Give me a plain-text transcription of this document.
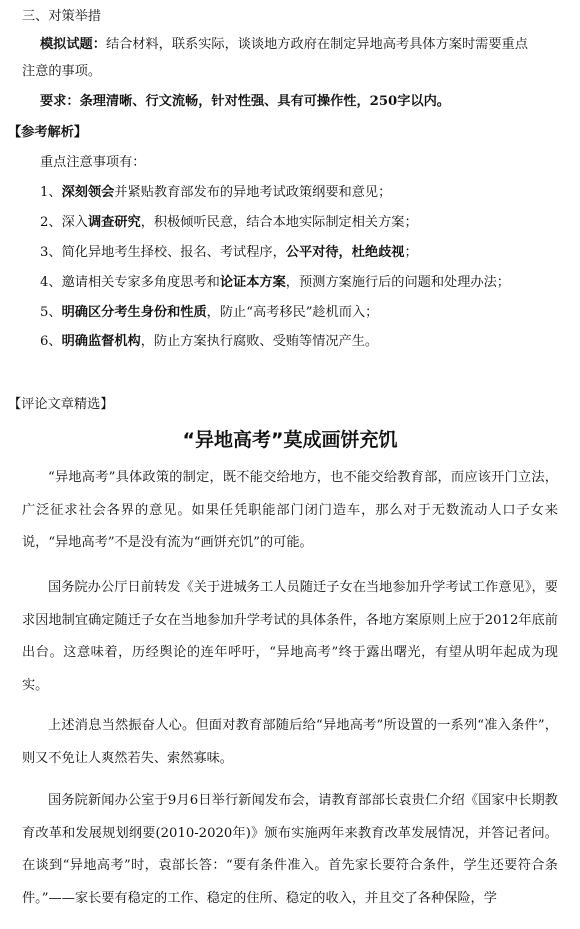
三、对策举措
模拟试题：结合材料，联系实际，谈谈地方政府在制定异地高考具体方案时需要重点
注意的事项。
要求：条理清晰、行文流畅，针对性强、具有可操作性，250字以内。
【参考解析】
重点注意事项有：
1、深刻领会并紧贴教育部发布的异地考试政策纲要和意见；
2、深入调查研究，积极倾听民意，结合本地实际制定相关方案；
3、简化异地考生择校、报名、考试程序，公平对待，杜绝歧视；
4、邀请相关专家多角度思考和论证本方案，预测方案施行后的问题和处理办法；
5、明确区分考生身份和性质，防止“高考移民”趁机而入；
6、明确监督机构，防止方案执行腐败、受贿等情况产生。
【评论文章精选】
“异地高考”莫成画饼充饥
“异地高考”具体政策的制定，既不能交给地方，也不能交给教育部，而应该开门立法，广泛征求社会各界的意见。如果任凭职能部门闭门造车，那么对于无数流动人口子女来说，“异地高考”不是没有流为“画饼充饥”的可能。
国务院办公厅日前转发《关于进城务工人员随迁子女在当地参加升学考试工作意见》，要求因地制宜确定随迁子女在当地参加升学考试的具体条件，各地方案原则上应于2012年底前出台。这意味着，历经舆论的连年呼吁，“异地高考”终于露出曙光，有望从明年起成为现实。
上述消息当然振奋人心。但面对教育部随后给“异地高考”所设置的一系列“准入条件”，则又不免让人爽然若失、索然寡味。
国务院新闻办公室于9月6日举行新闻发布会，请教育部部长袁贵仁介绍《国家中长期教育改革和发展规划纲要(2010-2020年)》颁布实施两年来教育改革发展情况，并答记者问。在谈到“异地高考”时，袁部长答：“要有条件准入。首先家长要符合条件，学生还要符合条件。”——家长要有稳定的工作、稳定的住所、稳定的收入，并且交了各种保险，学
